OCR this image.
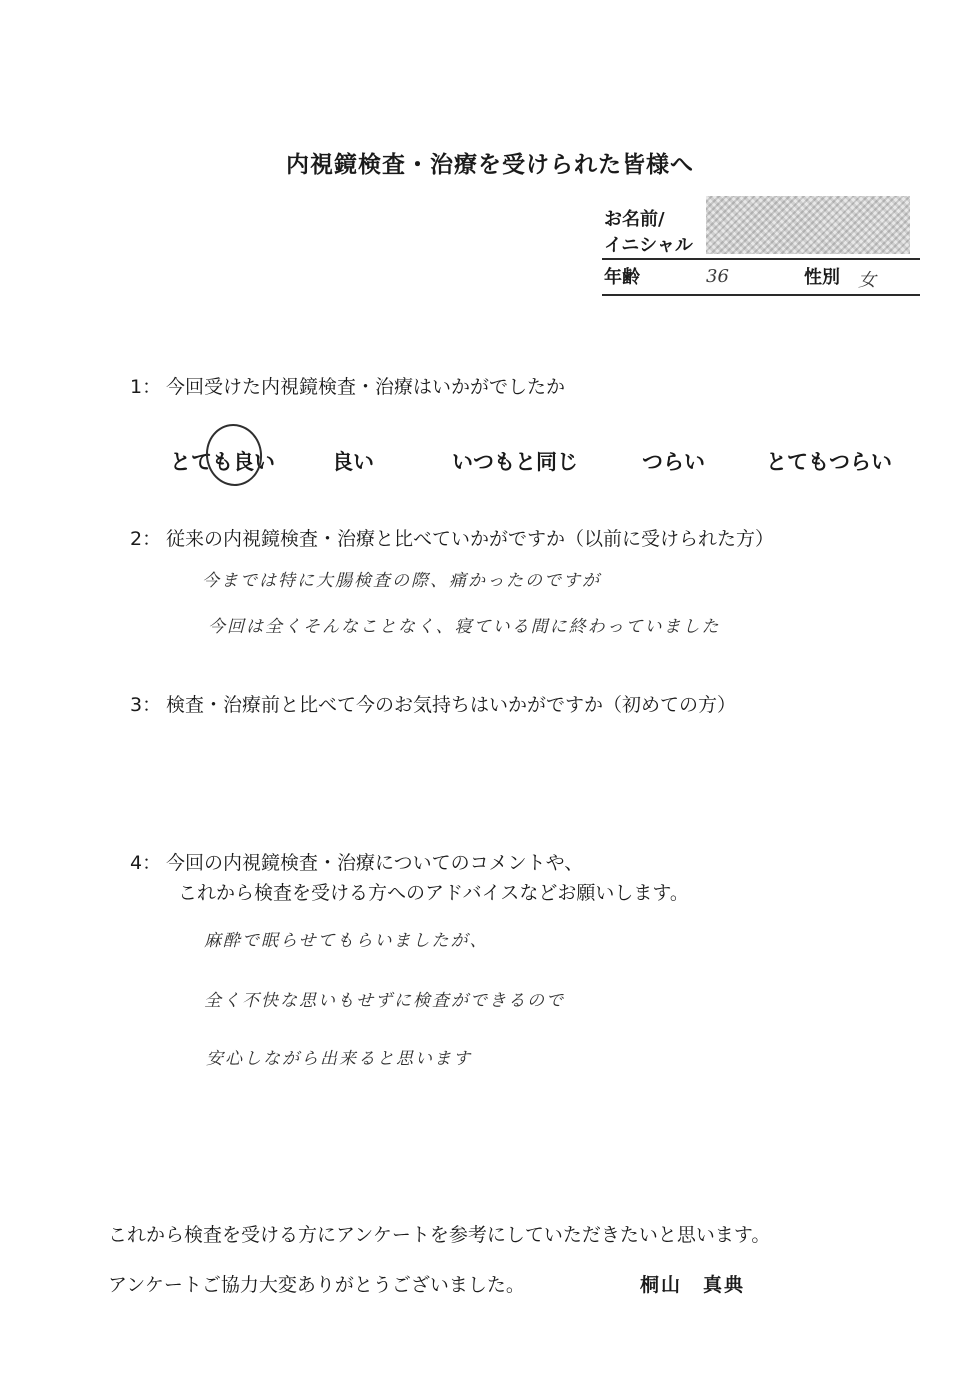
内視鏡検査・治療を受けられた皆様へ
お名前/
イニシャル
年齢	36	性別 女
1： 今回受けた内視鏡検査・治療はいかがでしたか
とても良い	良い	いつもと同じ	つらい	とてもつらい
2： 従来の内視鏡検査・治療と比べていかがですか（以前に受けられた方）
今までは特に大腸検査の際、痛かったのですが
今回は全くそんなことなく、寝ている間に終わっていました
3： 検査・治療前と比べて今のお気持ちはいかがですか（初めての方）
4： 今回の内視鏡検査・治療についてのコメントや、
これから検査を受ける方へのアドバイスなどお願いします。
麻酔で眠らせてもらいましたが、
全く不快な思いもせずに検査ができるので
安心しながら出来ると思います
これから検査を受ける方にアンケートを参考にしていただきたいと思います。
アンケートご協力大変ありがとうございました。	桐山　真典
